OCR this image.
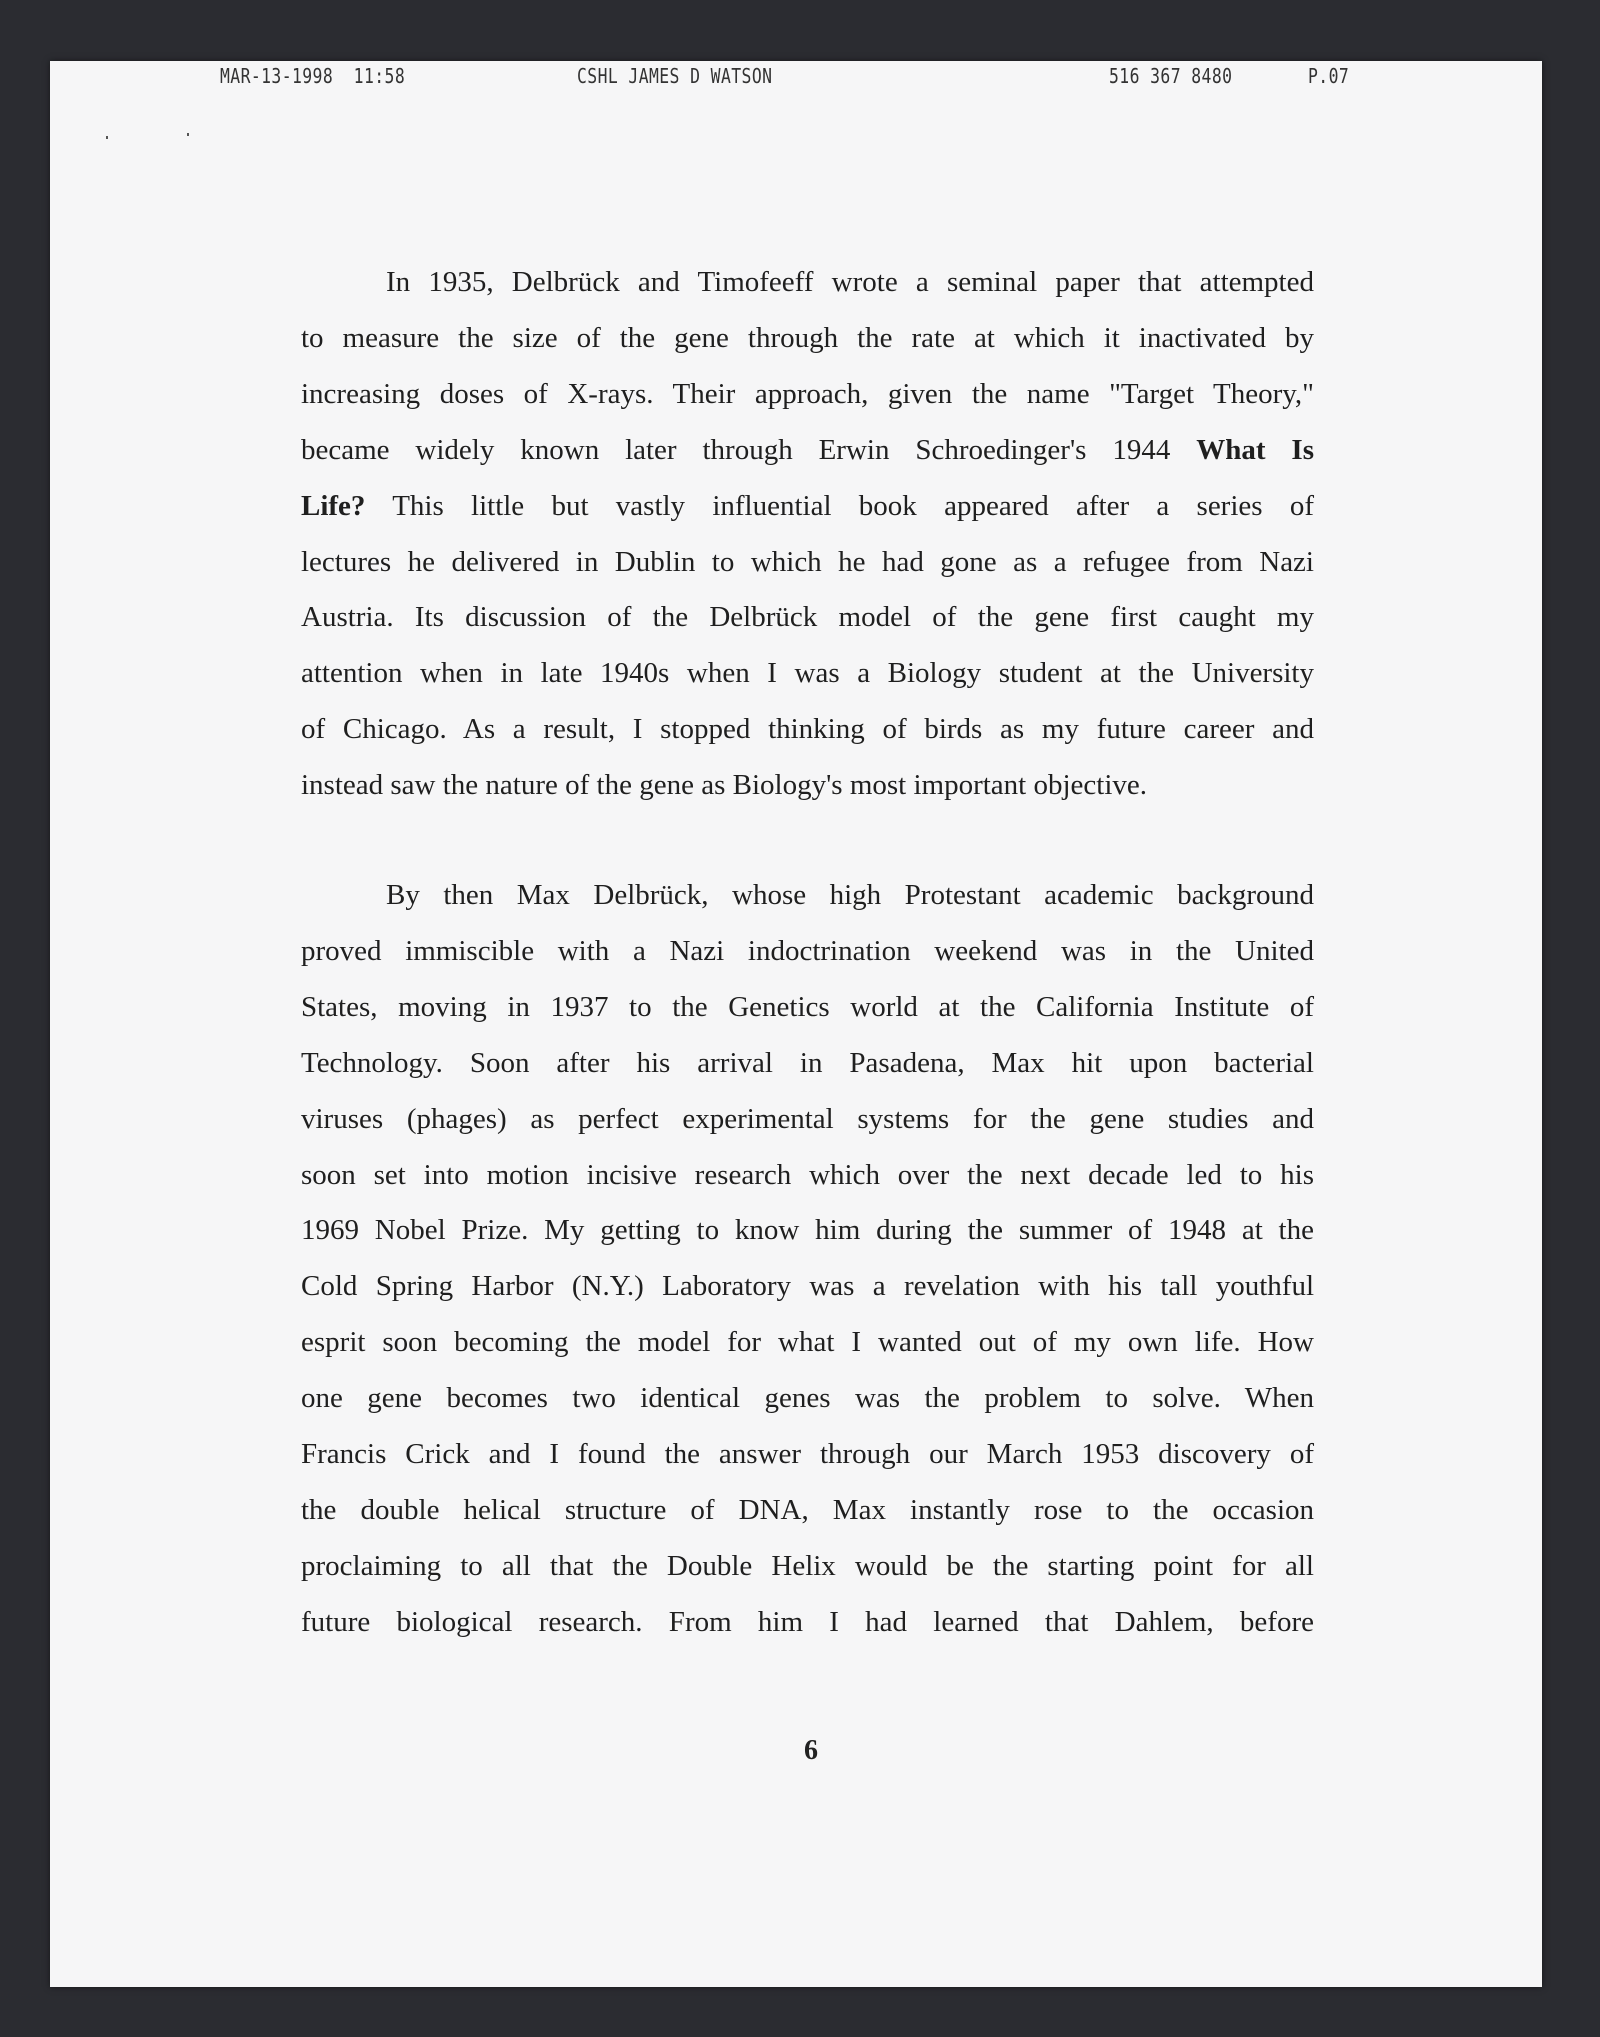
MAR-13-1998  11:58	CSHL JAMES D WATSON	516 367 8480	P.07
In 1935, Delbrück and Timofeeff wrote a seminal paper that attempted
to measure the size of the gene through the rate at which it inactivated by
increasing doses of X-rays. Their approach, given the name "Target Theory,"
became widely known later through Erwin Schroedinger's 1944 What Is
Life? This little but vastly influential book appeared after a series of
lectures he delivered in Dublin to which he had gone as a refugee from Nazi
Austria. Its discussion of the Delbrück model of the gene first caught my
attention when in late 1940s when I was a Biology student at the University
of Chicago. As a result, I stopped thinking of birds as my future career and
instead saw the nature of the gene as Biology's most important objective.
By then Max Delbrück, whose high Protestant academic background
proved immiscible with a Nazi indoctrination weekend was in the United
States, moving in 1937 to the Genetics world at the California Institute of
Technology. Soon after his arrival in Pasadena, Max hit upon bacterial
viruses (phages) as perfect experimental systems for the gene studies and
soon set into motion incisive research which over the next decade led to his
1969 Nobel Prize. My getting to know him during the summer of 1948 at the
Cold Spring Harbor (N.Y.) Laboratory was a revelation with his tall youthful
esprit soon becoming the model for what I wanted out of my own life. How
one gene becomes two identical genes was the problem to solve. When
Francis Crick and I found the answer through our March 1953 discovery of
the double helical structure of DNA, Max instantly rose to the occasion
proclaiming to all that the Double Helix would be the starting point for all
future biological research. From him I had learned that Dahlem, before
6
